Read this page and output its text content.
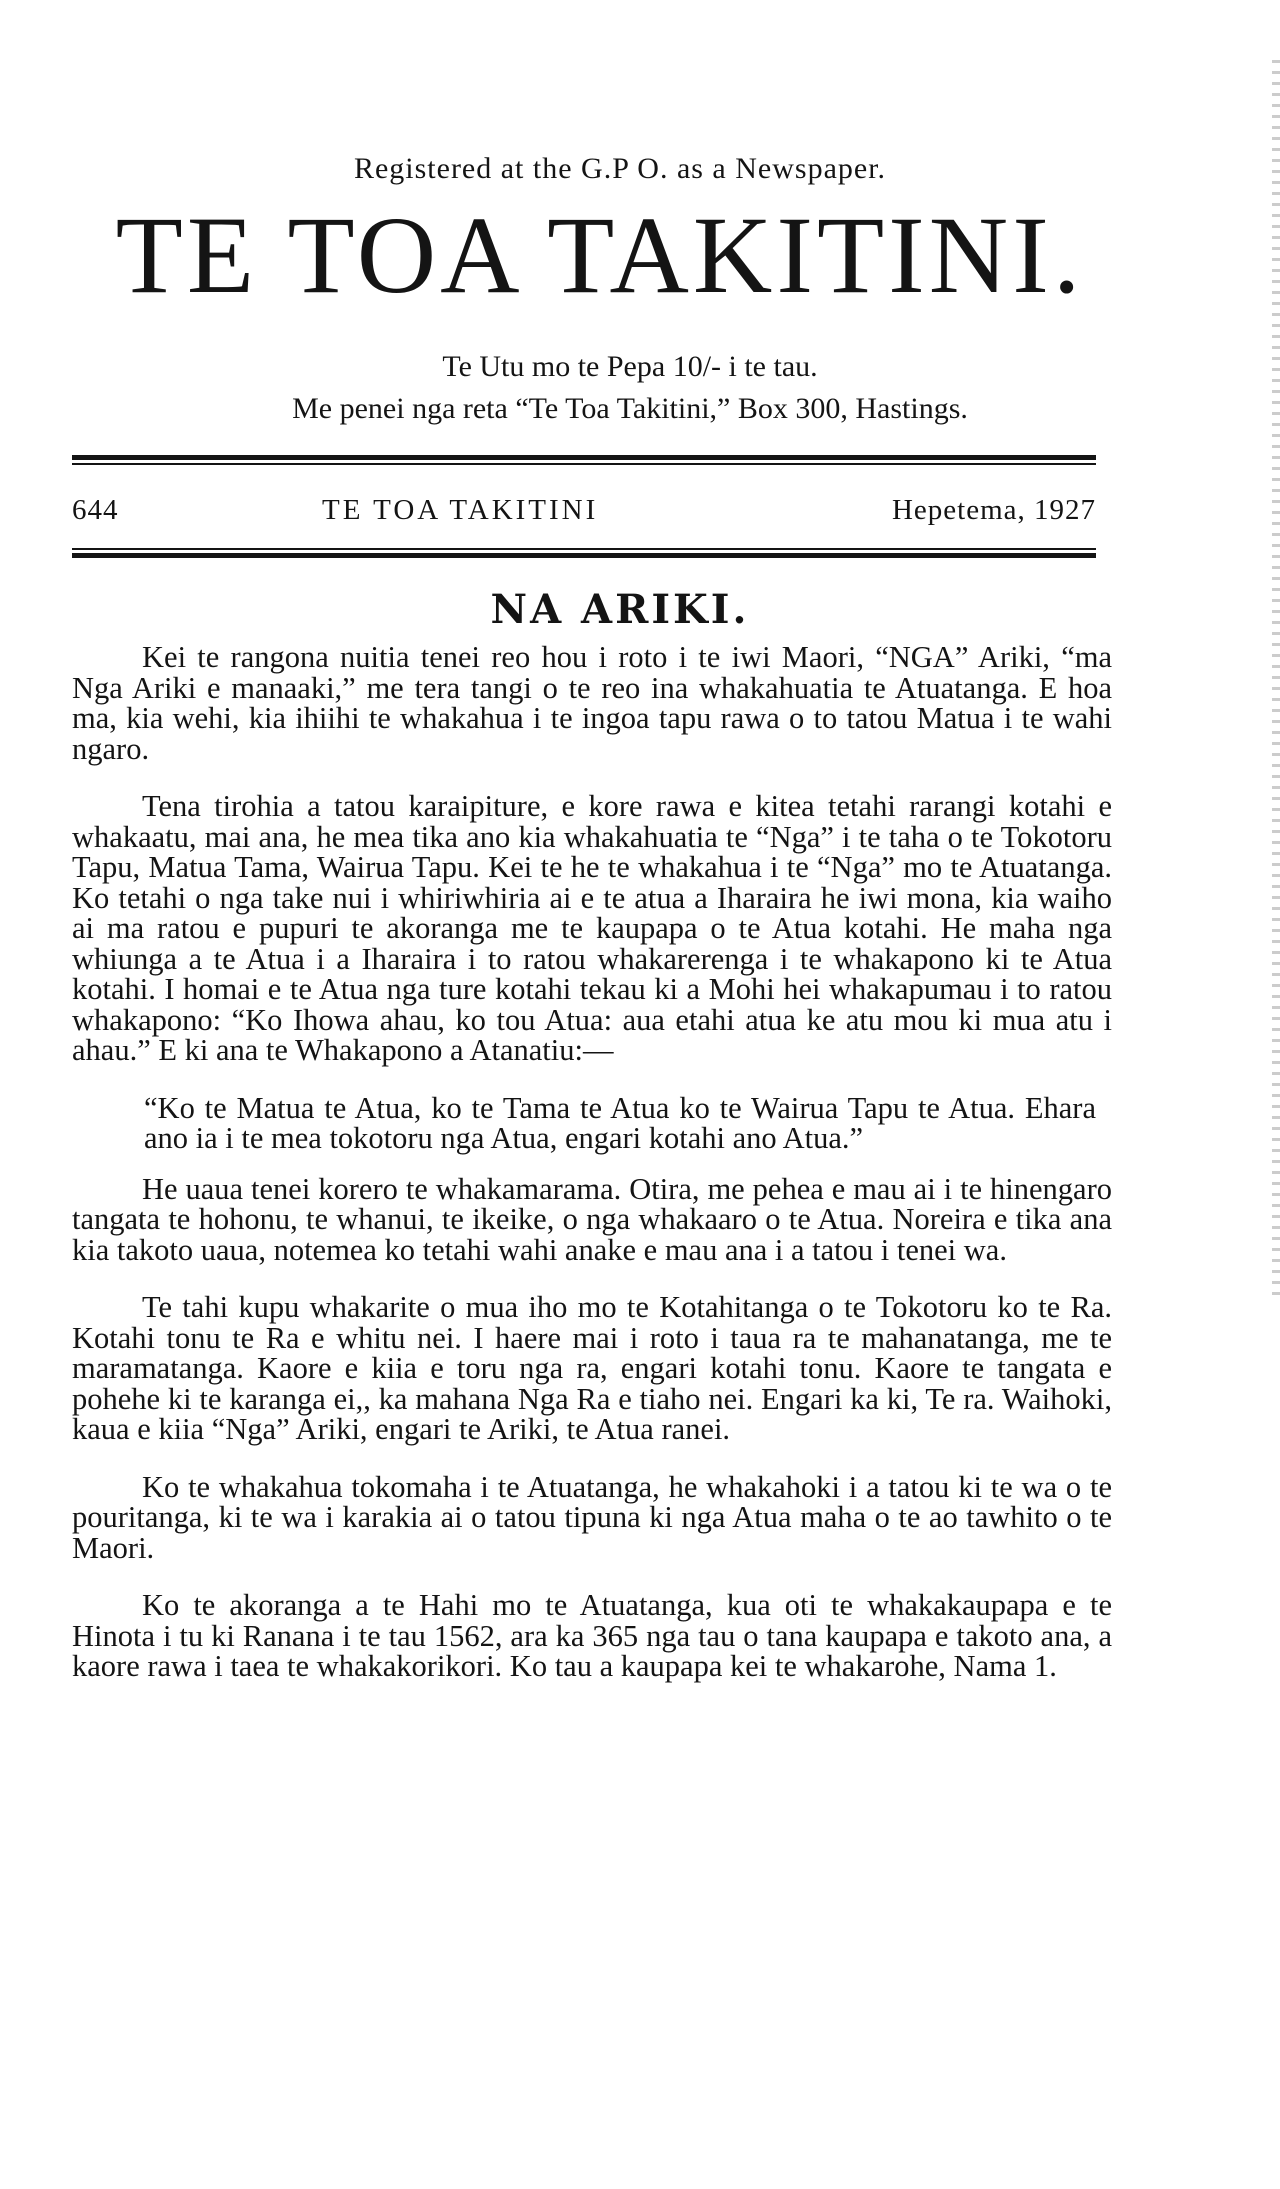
Registered at the G.P O. as a Newspaper.
TE TOA TAKITINI.
Te Utu mo te Pepa 10/- i te tau.
Me penei nga reta “Te Toa Takitini,” Box 300, Hastings.
644	TE TOA TAKITINI	Hepetema, 1927
NA ARIKI.

Kei te rangona nuitia tenei reo hou i roto i te iwi Maori, “NGA” Ariki, “ma Nga Ariki e manaaki,” me tera tangi o te reo ina whakahuatia te Atuatanga. E hoa ma, kia wehi, kia ihiihi te whakahua i te ingoa tapu rawa o to tatou Matua i te wahi ngaro.

Tena tirohia a tatou karaipiture, e kore rawa e kitea tetahi rarangi kotahi e whakaatu, mai ana, he mea tika ano kia whakahuatia te “Nga” i te taha o te Tokotoru Tapu, Matua Tama, Wairua Tapu. Kei te he te whakahua i te “Nga” mo te Atuatanga. Ko tetahi o nga take nui i whiriwhiria ai e te atua a Iharaira he iwi mona, kia waiho ai ma ratou e pupuri te akoranga me te kaupapa o te Atua kotahi. He maha nga whiunga a te Atua i a Iharaira i to ratou whakarerenga i te whakapono ki te Atua kotahi. I homai e te Atua nga ture kotahi tekau ki a Mohi hei whakapumau i to ratou whakapono: “Ko Ihowa ahau, ko tou Atua: aua etahi atua ke atu mou ki mua atu i ahau.” E ki ana te Whakapono a Atanatiu:—

“Ko te Matua te Atua, ko te Tama te Atua ko te Wairua Tapu te Atua. Ehara ano ia i te mea tokotoru nga Atua, engari kotahi ano Atua.”

He uaua tenei korero te whakamarama. Otira, me pehea e mau ai i te hinengaro tangata te hohonu, te whanui, te ikeike, o nga whakaaro o te Atua. Noreira e tika ana kia takoto uaua, notemea ko tetahi wahi anake e mau ana i a tatou i tenei wa.

Te tahi kupu whakarite o mua iho mo te Kotahitanga o te Tokotoru ko te Ra. Kotahi tonu te Ra e whitu nei. I haere mai i roto i taua ra te mahanatanga, me te maramatanga. Kaore e kiia e toru nga ra, engari kotahi tonu. Kaore te tangata e pohehe ki te karanga ei,, ka mahana Nga Ra e tiaho nei. Engari ka ki, Te ra. Waihoki, kaua e kiia “Nga” Ariki, engari te Ariki, te Atua ranei.

Ko te whakahua tokomaha i te Atuatanga, he whakahoki i a tatou ki te wa o te pouritanga, ki te wa i karakia ai o tatou tipuna ki nga Atua maha o te ao tawhito o te Maori.

Ko te akoranga a te Hahi mo te Atuatanga, kua oti te whakakaupapa e te Hinota i tu ki Ranana i te tau 1562, ara ka 365 nga tau o tana kaupapa e takoto ana, a kaore rawa i taea te whakakorikori. Ko tau a kaupapa kei te whakarohe, Nama 1.
